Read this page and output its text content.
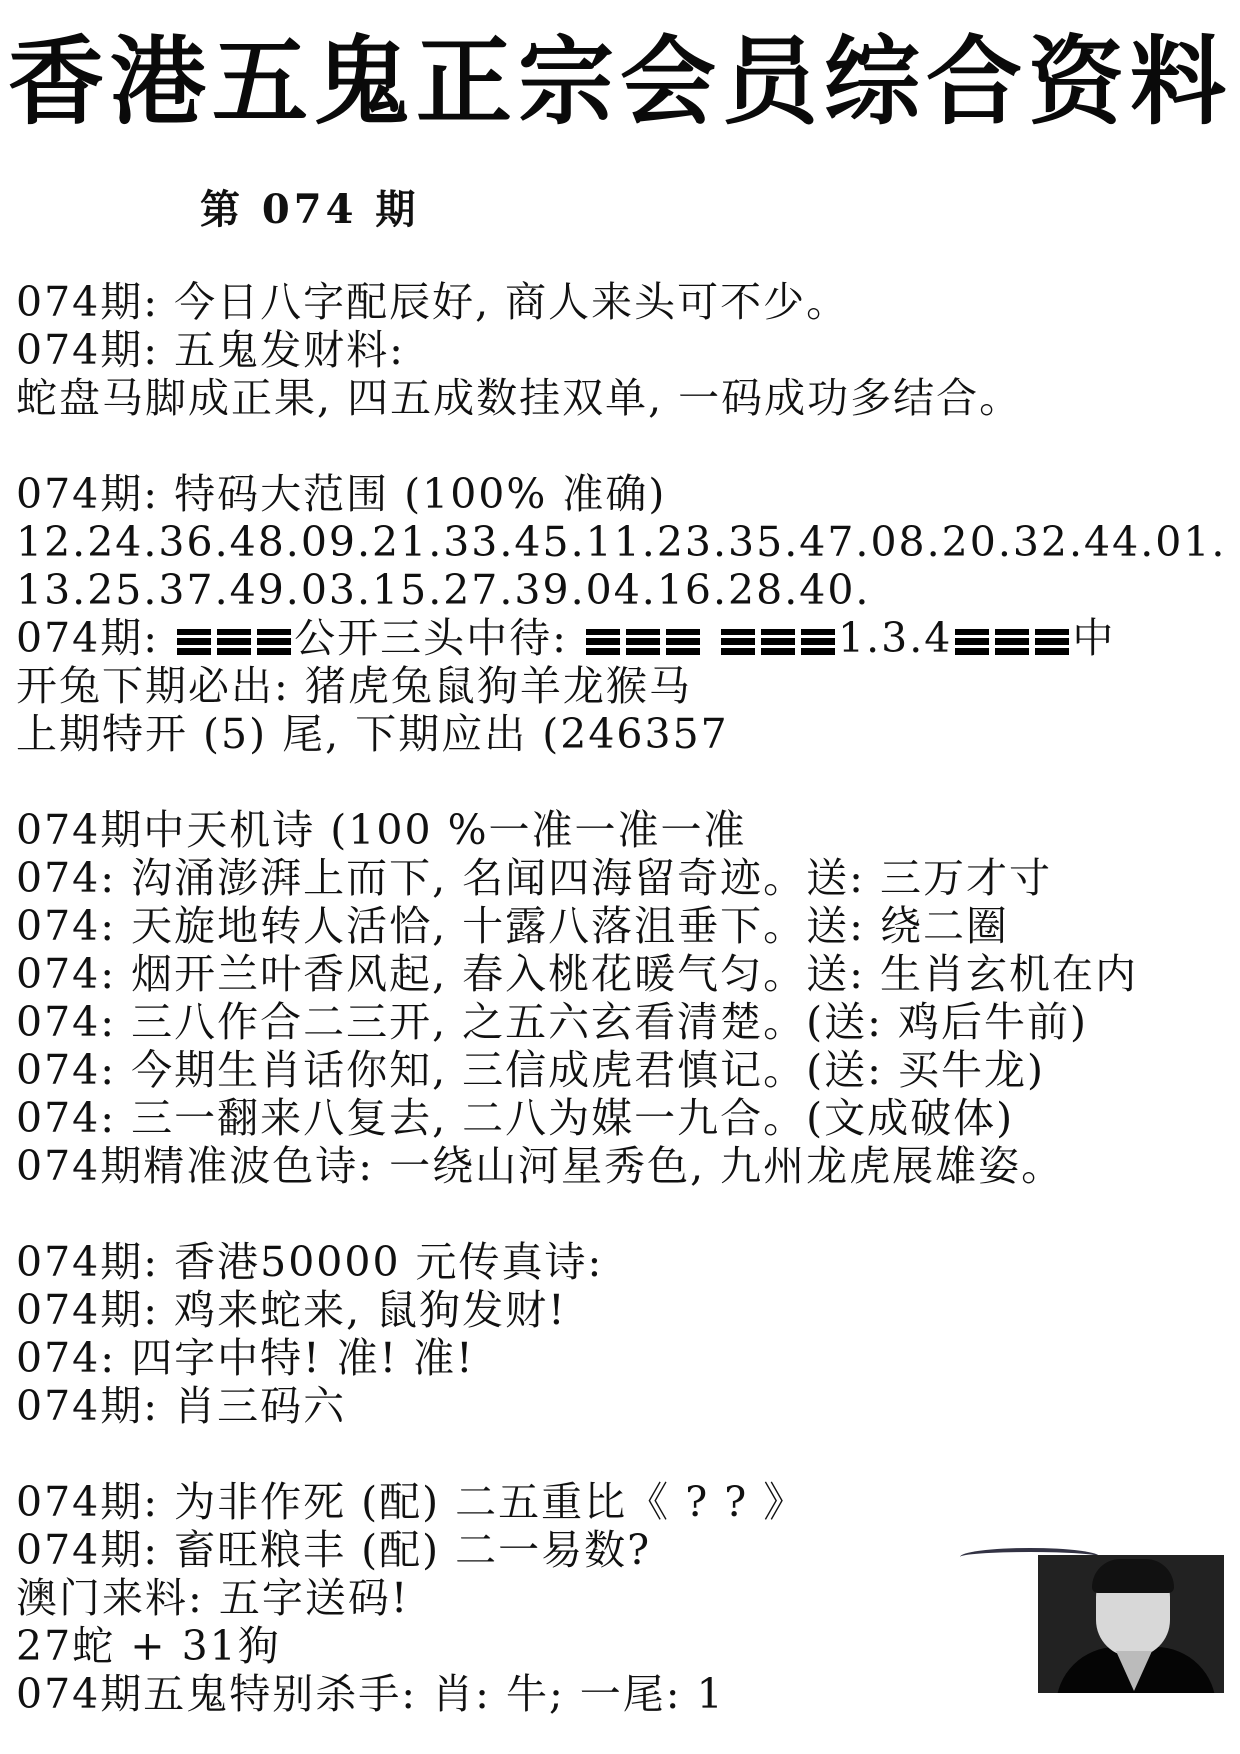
香港五鬼正宗会员综合资料
第 074 期
074期: 今日八字配辰好, 商人来头可不少。
074期: 五鬼发财料:
蛇盘马脚成正果, 四五成数挂双单, 一码成功多结合。
074期: 特码大范围 (100% 准确)
12.24.36.48.09.21.33.45.11.23.35.47.08.20.32.44.01.
13.25.37.49.03.15.27.39.04.16.28.40.
074期:	公开三头中待:	1.3.4	中
开兔下期必出: 猪虎兔鼠狗羊龙猴马
上期特开 (5) 尾, 下期应出 (246357
074期中天机诗 (100 %一准一准一准
074: 沟涌澎湃上而下, 名闻四海留奇迹。送: 三万才寸
074: 天旋地转人活恰, 十露八落沮垂下。送: 绕二圈
074: 烟开兰叶香风起, 春入桃花暖气匀。送: 生肖玄机在内
074: 三八作合二三开, 之五六玄看清楚。(送: 鸡后牛前)
074: 今期生肖话你知, 三信成虎君慎记。(送: 买牛龙)
074: 三一翻来八复去, 二八为媒一九合。(文成破体)
074期精准波色诗: 一绕山河星秀色, 九州龙虎展雄姿。
074期: 香港50000 元传真诗:
074期: 鸡来蛇来, 鼠狗发财!
074: 四字中特! 准! 准!
074期: 肖三码六
074期: 为非作死 (配) 二五重比《 ? ? 》
074期: 畜旺粮丰 (配) 二一易数?
澳门来料: 五字送码!
27蛇 + 31狗
074期五鬼特别杀手: 肖: 牛; 一尾: 1
